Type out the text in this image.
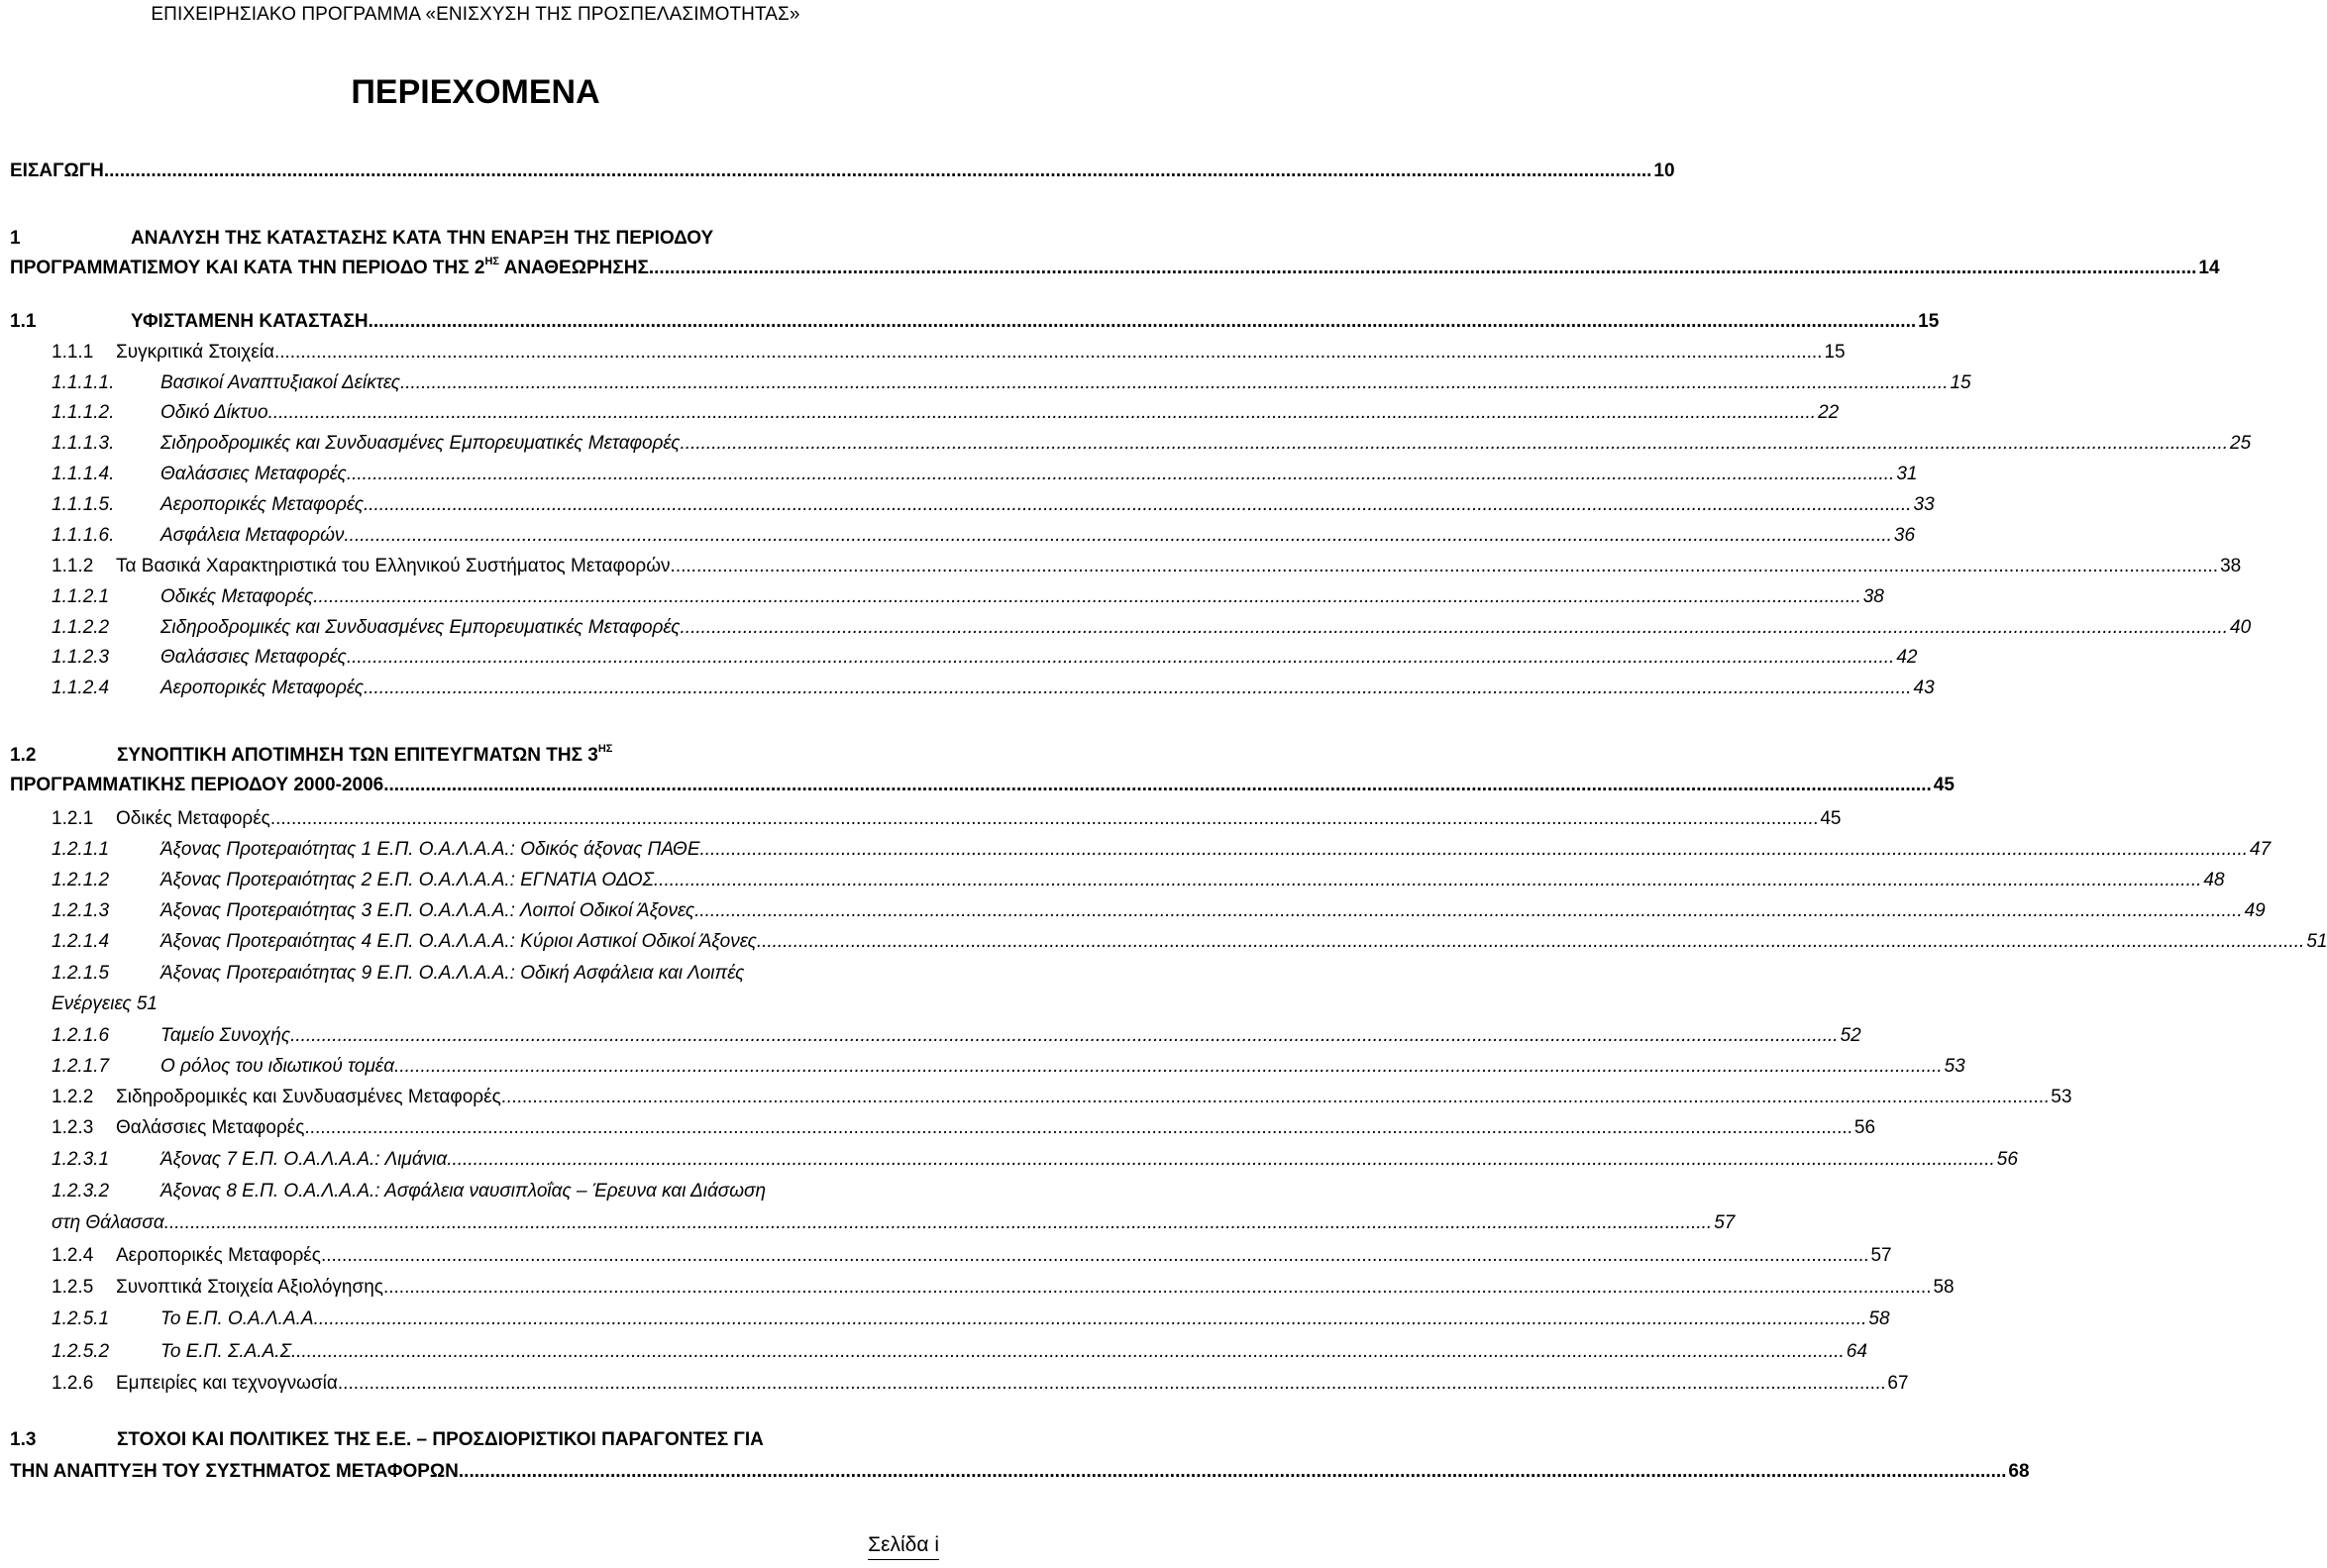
ΕΠΙΧΕΙΡΗΣΙΑΚΟ ΠΡΟΓΡΑΜΜΑ «ΕΝΙΣΧΥΣΗ ΤΗΣ ΠΡΟΣΠΕΛΑΣΙΜΟΤΗΤΑΣ»
ΠΕΡΙΕΧΟΜΕΝΑ
ΕΙΣΑΓΩΓΗ .....	10
1	ΑΝΑΛΥΣΗ ΤΗΣ ΚΑΤΑΣΤΑΣΗΣ ΚΑΤΑ ΤΗΝ ΕΝΑΡΞΗ ΤΗΣ ΠΕΡΙΟΔΟΥ
ΠΡΟΓΡΑΜΜΑΤΙΣΜΟΥ ΚΑΙ ΚΑΤΑ ΤΗΝ ΠΕΡΙΟΔΟ ΤΗΣ $2^{H\Sigma}$ ΑΝΑΘΕΩΡΗΣΗΣ .....	14
1.1	ΥΦΙΣΤΑΜΕΝΗ ΚΑΤΑΣΤΑΣΗ .....	15
1.1.1	Συγκριτικά Στοιχεία .....	15
1.1.1.1.	Βασικοί Αναπτυξιακοί Δείκτες .....	15
1.1.1.2.	Οδικό Δίκτυο .....	22
1.1.1.3.	Σιδηροδρομικές και Συνδυασμένες Εμπορευματικές Μεταφορές .....	25
1.1.1.4.	Θαλάσσιες Μεταφορές .....	31
1.1.1.5.	Αεροπορικές Μεταφορές .....	33
1.1.1.6.	Ασφάλεια Μεταφορών .....	36
1.1.2	Τα Βασικά Χαρακτηριστικά του Ελληνικού Συστήματος Μεταφορών .....	38
1.1.2.1	Οδικές Μεταφορές .....	38
1.1.2.2	Σιδηροδρομικές και Συνδυασμένες Εμπορευματικές Μεταφορές .....	40
1.1.2.3	Θαλάσσιες Μεταφορές .....	42
1.1.2.4	Αεροπορικές Μεταφορές .....	43
1.2	ΣΥΝΟΠΤΙΚΗ ΑΠΟΤΙΜΗΣΗ ΤΩΝ ΕΠΙΤΕΥΓΜΑΤΩΝ ΤΗΣ $3^{H\Sigma}$
ΠΡΟΓΡΑΜΜΑΤΙΚΗΣ ΠΕΡΙΟΔΟΥ 2000-2006 .....	45
1.2.1	Οδικές Μεταφορές .....	45
1.2.1.1	Άξονας Προτεραιότητας 1 Ε.Π. Ο.Α.Λ.Α.Α.: Οδικός άξονας ΠΑΘΕ .....	47
1.2.1.2	Άξονας Προτεραιότητας 2 Ε.Π. Ο.Α.Λ.Α.Α.: ΕΓΝΑΤΙΑ ΟΔΟΣ .....	48
1.2.1.3	Άξονας Προτεραιότητας 3 Ε.Π. Ο.Α.Λ.Α.Α.: Λοιποί Οδικοί Άξονες .....	49
1.2.1.4	Άξονας Προτεραιότητας 4 Ε.Π. Ο.Α.Λ.Α.Α.: Κύριοι Αστικοί Οδικοί Άξονες .....	51
1.2.1.5	Άξονας Προτεραιότητας 9 Ε.Π. Ο.Α.Λ.Α.Α.: Οδική Ασφάλεια και Λοιπές
Ενέργειες 51
1.2.1.6	Ταμείο Συνοχής .....	52
1.2.1.7	Ο ρόλος του ιδιωτικού τομέα .....	53
1.2.2	Σιδηροδρομικές και Συνδυασμένες Μεταφορές .....	53
1.2.3	Θαλάσσιες Μεταφορές .....	56
1.2.3.1	Άξονας 7 Ε.Π. Ο.Α.Λ.Α.Α.: Λιμάνια .....	56
1.2.3.2	Άξονας 8 Ε.Π. Ο.Α.Λ.Α.Α.: Ασφάλεια ναυσιπλοΐας – Έρευνα και Διάσωση
στη Θάλασσα .....	57
1.2.4	Αεροπορικές Μεταφορές .....	57
1.2.5	Συνοπτικά Στοιχεία Αξιολόγησης .....	58
1.2.5.1	Το Ε.Π. Ο.Α.Λ.Α.Α. .....	58
1.2.5.2	Το Ε.Π. Σ.Α.Α.Σ. .....	64
1.2.6	Εμπειρίες και τεχνογνωσία .....	67
1.3	ΣΤΟΧΟΙ ΚΑΙ ΠΟΛΙΤΙΚΕΣ ΤΗΣ Ε.Ε. – ΠΡΟΣΔΙΟΡΙΣΤΙΚΟΙ ΠΑΡΑΓΟΝΤΕΣ ΓΙΑ
ΤΗΝ ΑΝΑΠΤΥΞΗ ΤΟΥ ΣΥΣΤΗΜΑΤΟΣ ΜΕΤΑΦΟΡΩΝ .....	68
Σελίδα i
